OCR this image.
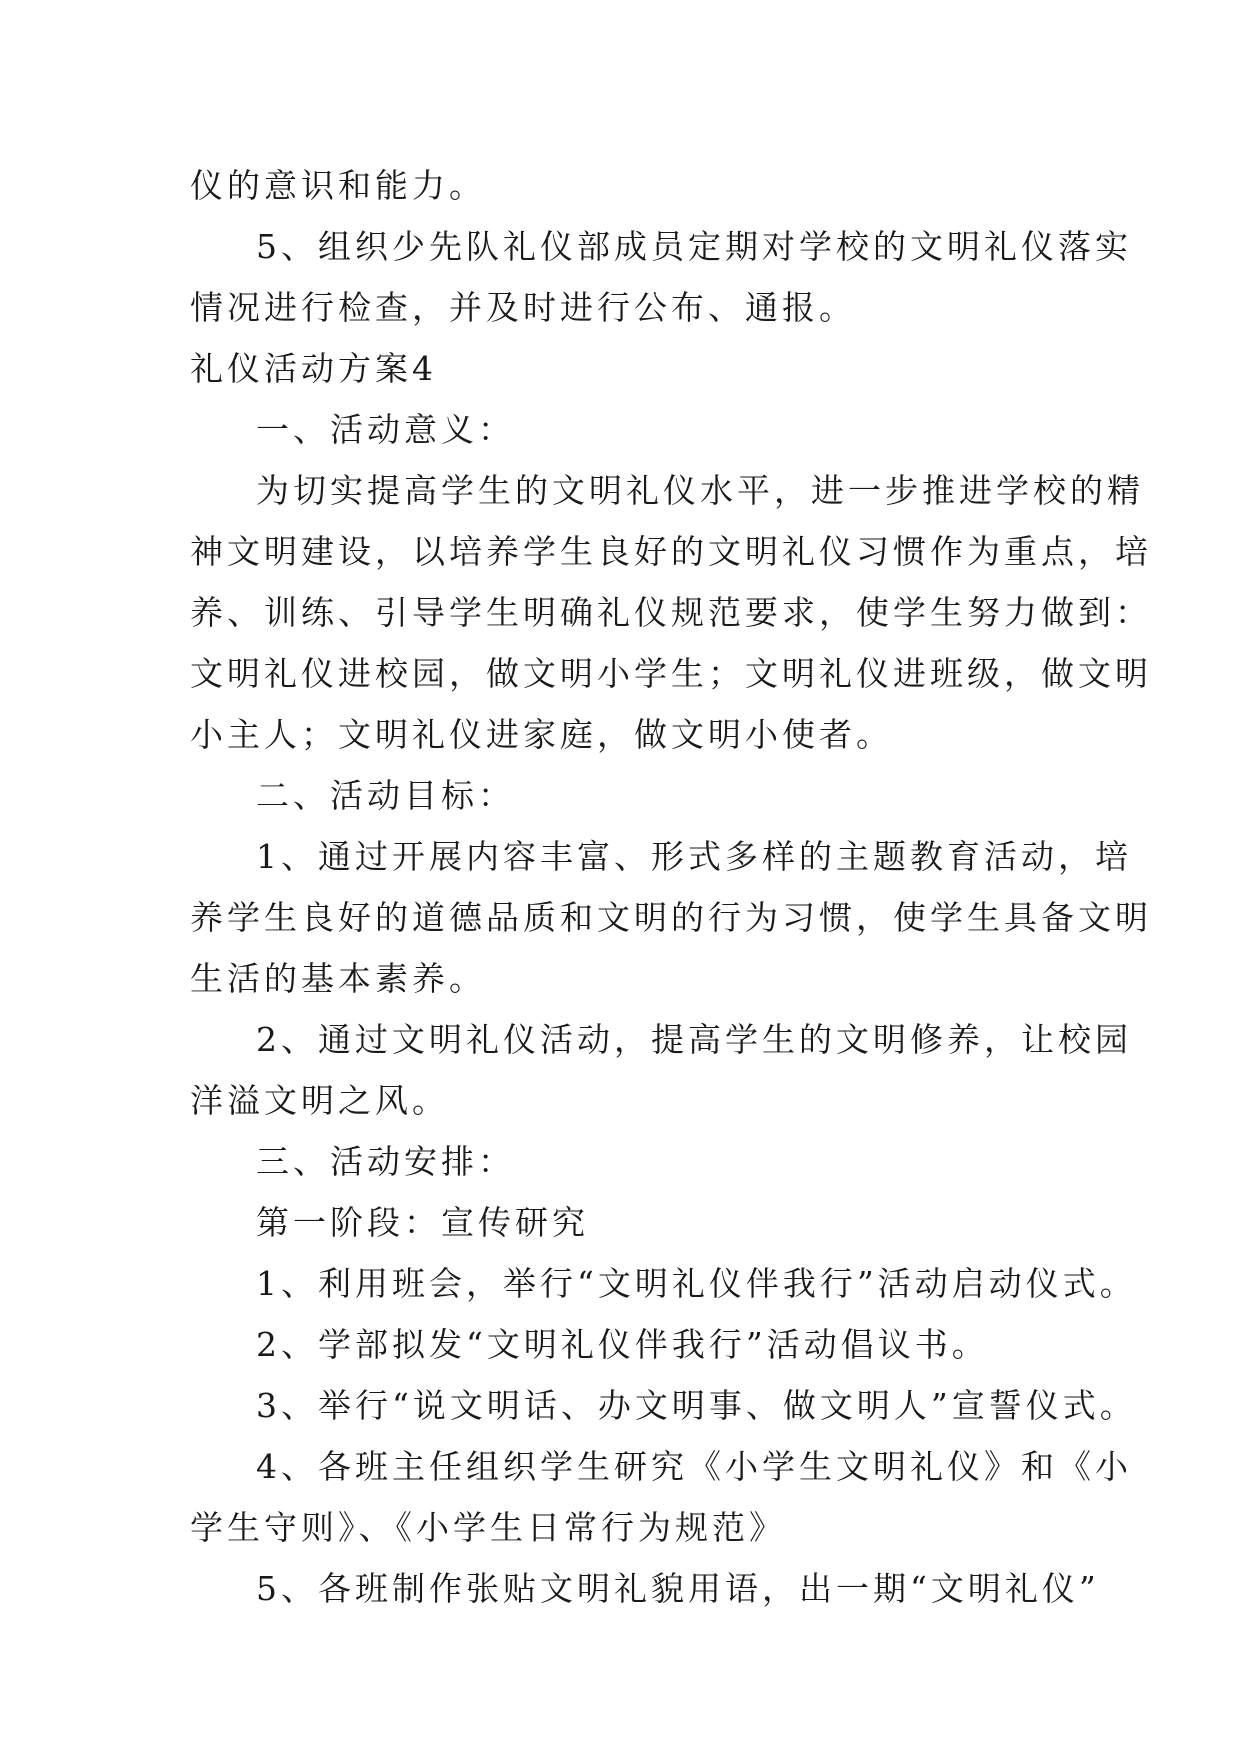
仪的意识和能力。
5、组织少先队礼仪部成员定期对学校的文明礼仪落实
情况进行检查，并及时进行公布、通报。
礼仪活动方案4
一、活动意义：
为切实提高学生的文明礼仪水平，进一步推进学校的精
神文明建设，以培养学生良好的文明礼仪习惯作为重点，培
养、训练、引导学生明确礼仪规范要求，使学生努力做到：
文明礼仪进校园，做文明小学生；文明礼仪进班级，做文明
小主人；文明礼仪进家庭，做文明小使者。
二、活动目标：
1、通过开展内容丰富、形式多样的主题教育活动，培
养学生良好的道德品质和文明的行为习惯，使学生具备文明
生活的基本素养。
2、通过文明礼仪活动，提高学生的文明修养，让校园
洋溢文明之风。
三、活动安排：
第一阶段：宣传研究
1、利用班会，举行“文明礼仪伴我行”活动启动仪式。
2、学部拟发“文明礼仪伴我行”活动倡议书。
3、举行“说文明话、办文明事、做文明人”宣誓仪式。
4、各班主任组织学生研究《小学生文明礼仪》和《小
学生守则》、《小学生日常行为规范》
5、各班制作张贴文明礼貌用语，出一期“文明礼仪”
